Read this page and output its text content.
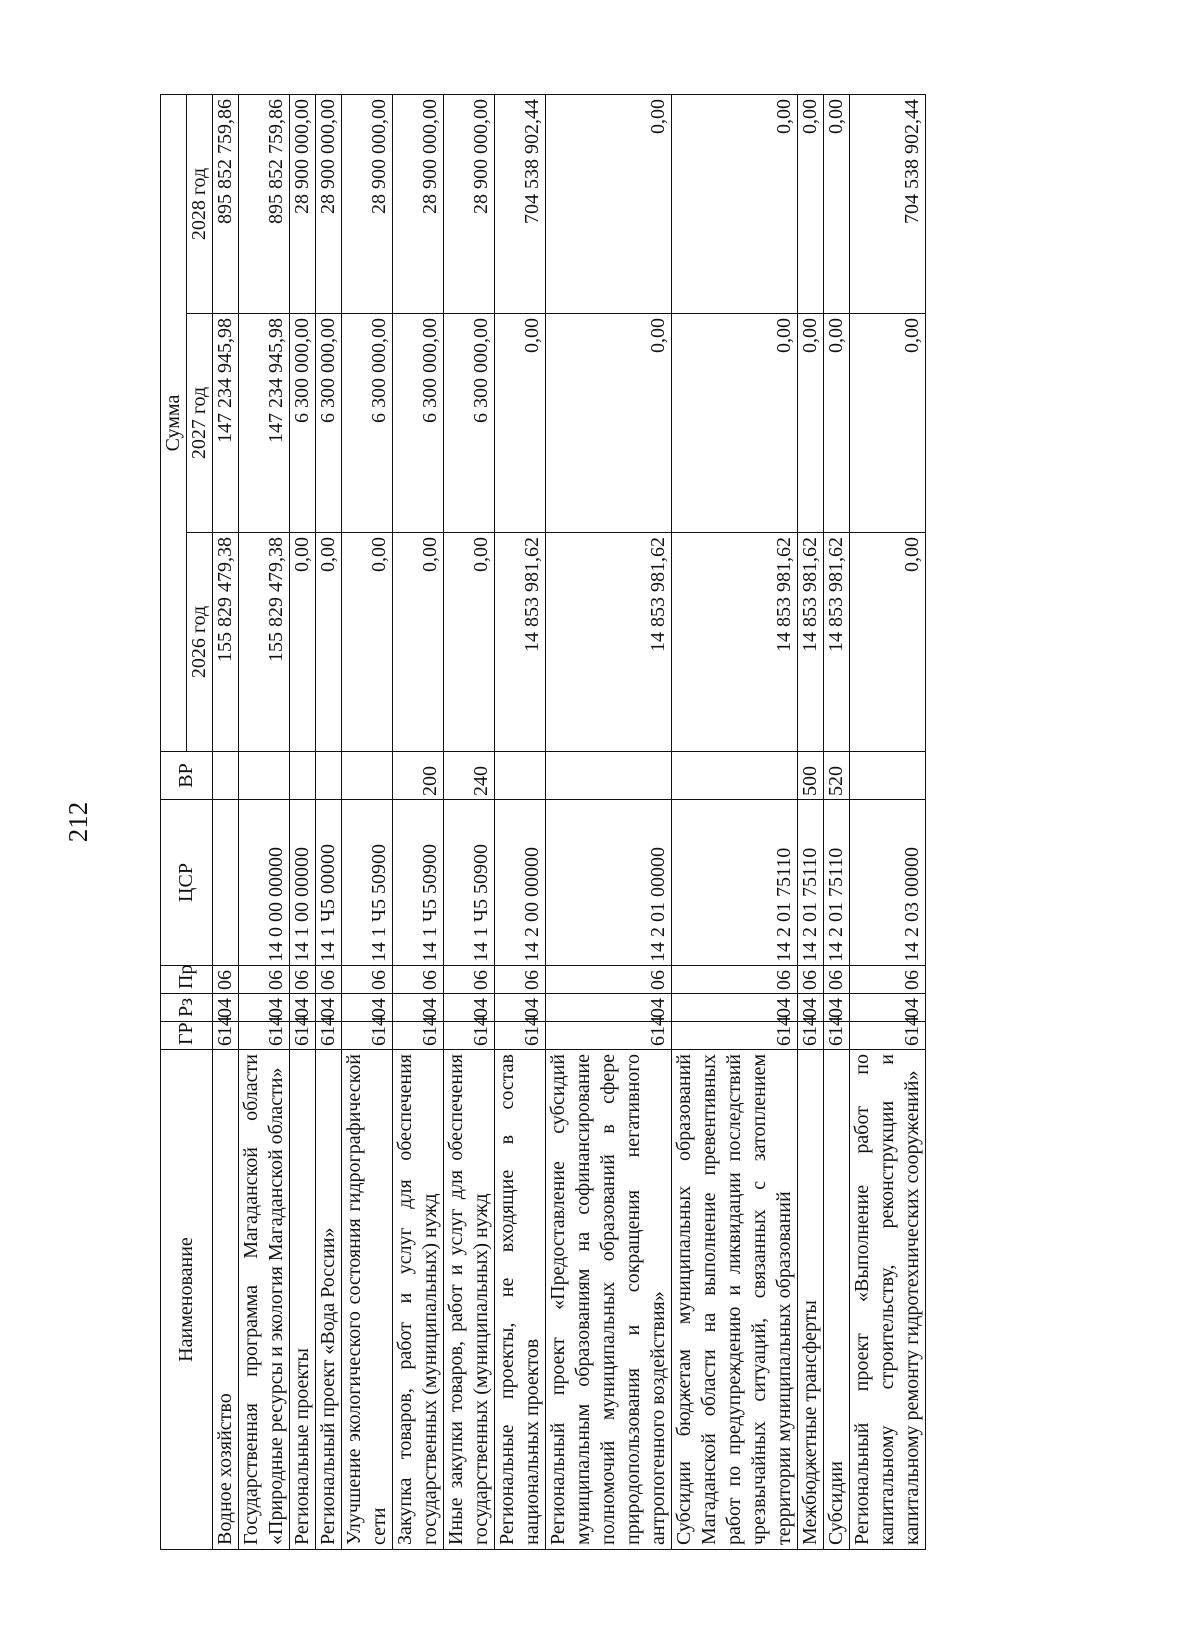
212
Наименование	ГР	Рз	Пр	ЦСР	ВР	Сумма		
						2026 год	2027 год	2028 год
Водное хозяйство	614	04	06			155 829 479,38	147 234 945,98	895 852 759,86
Государственная программа Магаданской области «Природные ресурсы и экология Магаданской области»	614	04	06	14 0 00 00000		155 829 479,38	147 234 945,98	895 852 759,86
Региональные проекты	614	04	06	14 1 00 00000		0,00	6 300 000,00	28 900 000,00
Региональный проект «Вода России»	614	04	06	14 1 Ч5 00000		0,00	6 300 000,00	28 900 000,00
Улучшение экологического состояния гидрографической сети	614	04	06	14 1 Ч5 50900		0,00	6 300 000,00	28 900 000,00
Закупка товаров, работ и услуг для обеспечения государственных (муниципальных) нужд	614	04	06	14 1 Ч5 50900	200	0,00	6 300 000,00	28 900 000,00
Иные закупки товаров, работ и услуг для обеспечения государственных (муниципальных) нужд	614	04	06	14 1 Ч5 50900	240	0,00	6 300 000,00	28 900 000,00
Региональные проекты, не входящие в состав национальных проектов	614	04	06	14 2 00 00000		14 853 981,62	0,00	704 538 902,44
Региональный проект «Предоставление субсидий муниципальным образованиям на софинансирование полномочий муниципальных образований в сфере природопользования и сокращения негативного антропогенного воздействия»	614	04	06	14 2 01 00000		14 853 981,62	0,00	0,00
Субсидии бюджетам муниципальных образований Магаданской области на выполнение превентивных работ по предупреждению и ликвидации последствий чрезвычайных ситуаций, связанных с затоплением территории муниципальных образований	614	04	06	14 2 01 75110		14 853 981,62	0,00	0,00
Межбюджетные трансферты	614	04	06	14 2 01 75110	500	14 853 981,62	0,00	0,00
Субсидии	614	04	06	14 2 01 75110	520	14 853 981,62	0,00	0,00
Региональный проект «Выполнение работ по капитальному строительству, реконструкции и капитальному ремонту гидротехнических сооружений»	614	04	06	14 2 03 00000		0,00	0,00	704 538 902,44
